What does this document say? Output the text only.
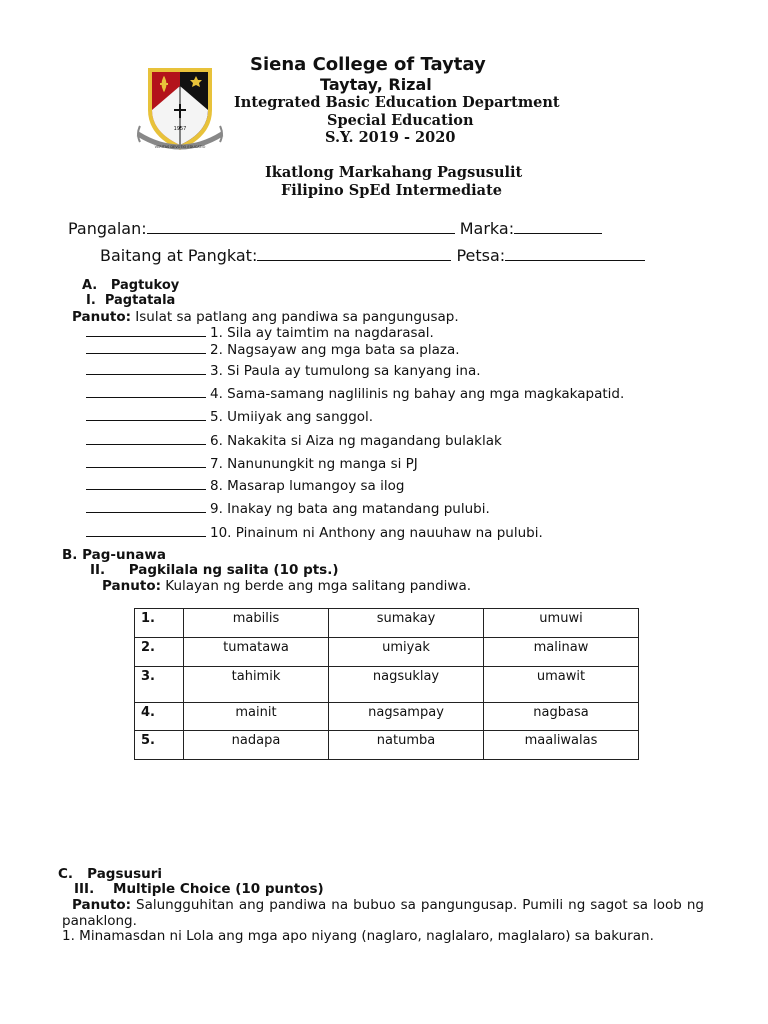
1957
VERITAS DEVOTIO EDUCATIO
Siena College of Taytay
Taytay, Rizal
Integrated Basic Education Department
Special Education
S.Y. 2019 - 2020
Ikatlong Markahang Pagsusulit
Filipino SpEd Intermediate
Pangalan:	Marka:
Baitang at Pangkat:	Petsa:
A. Pagtukoy
I. Pagtatala
Panuto: Isulat sa patlang ang pandiwa sa pangungusap.
1. Sila ay taimtim na nagdarasal.
2. Nagsayaw ang mga bata sa plaza.
3. Si Paula ay tumulong sa kanyang ina.
4. Sama-samang naglilinis ng bahay ang mga magkakapatid.
5. Umiiyak ang sanggol.
6. Nakakita si Aiza ng magandang bulaklak
7. Nanunungkit ng manga si PJ
8. Masarap lumangoy sa ilog
9. Inakay ng bata ang matandang pulubi.
10. Pinainum ni Anthony ang nauuhaw na pulubi.
B. Pag-unawa
II. Pagkilala ng salita (10 pts.)
Panuto: Kulayan ng berde ang mga salitang pandiwa.
1.	mabilis	sumakay	umuwi

2.	tumatawa	umiyak	malinaw

3.	tahimik	nagsuklay	umawit

4.	mainit	nagsampay	nagbasa

5.	nadapa	natumba	maaliwalas
C. Pagsusuri
III. Multiple Choice (10 puntos)
Panuto: Salungguhitan ang pandiwa na bubuo sa pangungusap. Pumili ng sagot sa loob ng panaklong.
1. Minamasdan ni Lola ang mga apo niyang (naglaro, naglalaro, maglalaro) sa bakuran.
